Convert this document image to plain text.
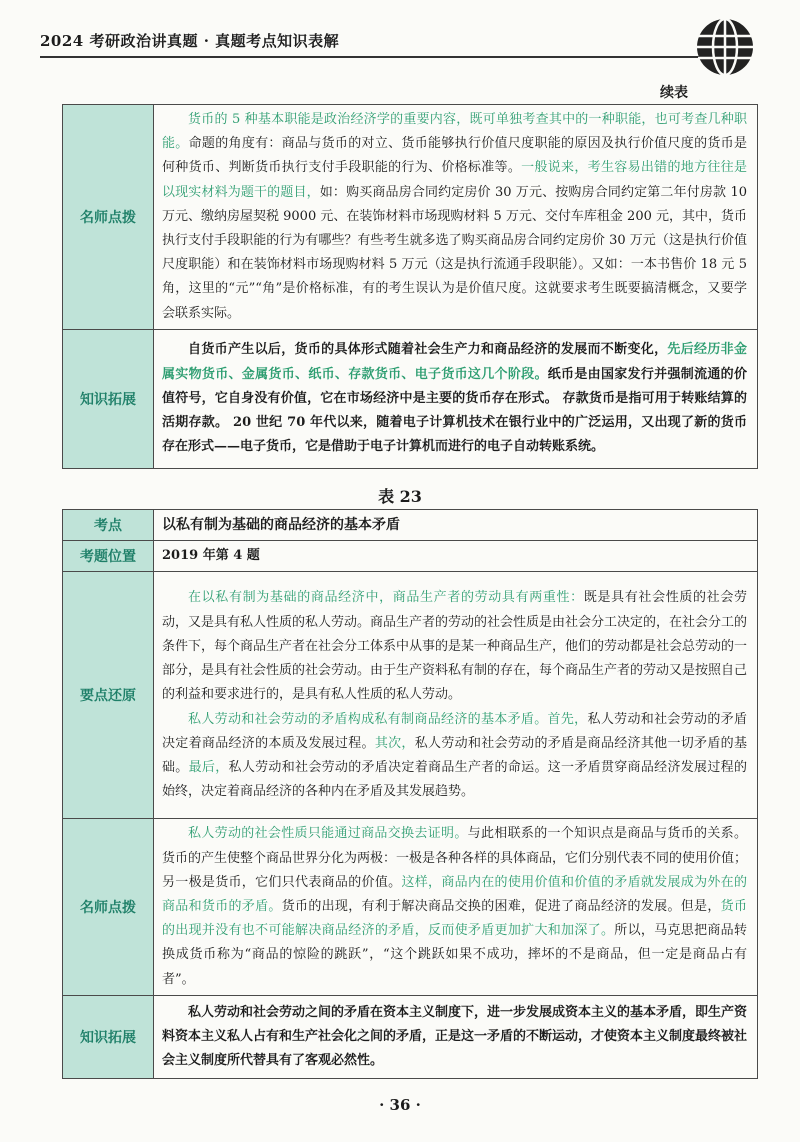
2024 考研政治讲真题 · 真题考点知识表解
续表
名师点拨	货币的 5 种基本职能是政治经济学的重要内容，既可单独考查其中的一种职能，也可考查几种职能。命题的角度有：商品与货币的对立、货币能够执行价值尺度职能的原因及执行价值尺度的货币是何种货币、判断货币执行支付手段职能的行为、价格标准等。一般说来，考生容易出错的地方往往是以现实材料为题干的题目，如：购买商品房合同约定房价 30 万元、按购房合同约定第二年付房款 10 万元、缴纳房屋契税 9000 元、在装饰材料市场现购材料 5 万元、交付车库租金 200 元，其中，货币执行支付手段职能的行为有哪些？有些考生就多选了购买商品房合同约定房价 30 万元（这是执行价值尺度职能）和在装饰材料市场现购材料 5 万元（这是执行流通手段职能）。又如：一本书售价 18 元 5 角，这里的“元”“角”是价格标准，有的考生误认为是价值尺度。这就要求考生既要搞清概念，又要学会联系实际。

知识拓展	自货币产生以后，货币的具体形式随着社会生产力和商品经济的发展而不断变化，先后经历非金属实物货币、金属货币、纸币、存款货币、电子货币这几个阶段。纸币是由国家发行并强制流通的价值符号，它自身没有价值，它在市场经济中是主要的货币存在形式。 存款货币是指可用于转账结算的活期存款。 20 世纪 70 年代以来，随着电子计算机技术在银行业中的广泛运用，又出现了新的货币存在形式——电子货币，它是借助于电子计算机而进行的电子自动转账系统。
表 23
考点	以私有制为基础的商品经济的基本矛盾
考题位置	2019 年第 4 题
要点还原	在以私有制为基础的商品经济中，商品生产者的劳动具有两重性：既是具有社会性质的社会劳动，又是具有私人性质的私人劳动。商品生产者的劳动的社会性质是由社会分工决定的，在社会分工的条件下，每个商品生产者在社会分工体系中从事的是某一种商品生产，他们的劳动都是社会总劳动的一部分，是具有社会性质的社会劳动。由于生产资料私有制的存在，每个商品生产者的劳动又是按照自己的利益和要求进行的，是具有私人性质的私人劳动。
私人劳动和社会劳动的矛盾构成私有制商品经济的基本矛盾。首先，私人劳动和社会劳动的矛盾决定着商品经济的本质及发展过程。其次，私人劳动和社会劳动的矛盾是商品经济其他一切矛盾的基础。最后，私人劳动和社会劳动的矛盾决定着商品生产者的命运。这一矛盾贯穿商品经济发展过程的始终，决定着商品经济的各种内在矛盾及其发展趋势。

名师点拨	私人劳动的社会性质只能通过商品交换去证明。与此相联系的一个知识点是商品与货币的关系。货币的产生使整个商品世界分化为两极：一极是各种各样的具体商品，它们分别代表不同的使用价值；另一极是货币，它们只代表商品的价值。这样，商品内在的使用价值和价值的矛盾就发展成为外在的商品和货币的矛盾。货币的出现，有利于解决商品交换的困难，促进了商品经济的发展。但是，货币的出现并没有也不可能解决商品经济的矛盾，反而使矛盾更加扩大和加深了。所以，马克思把商品转换成货币称为“商品的惊险的跳跃”，“这个跳跃如果不成功，摔坏的不是商品，但一定是商品占有者”。

知识拓展	私人劳动和社会劳动之间的矛盾在资本主义制度下，进一步发展成资本主义的基本矛盾，即生产资料资本主义私人占有和生产社会化之间的矛盾，正是这一矛盾的不断运动，才使资本主义制度最终被社会主义制度所代替具有了客观必然性。
· 36 ·
